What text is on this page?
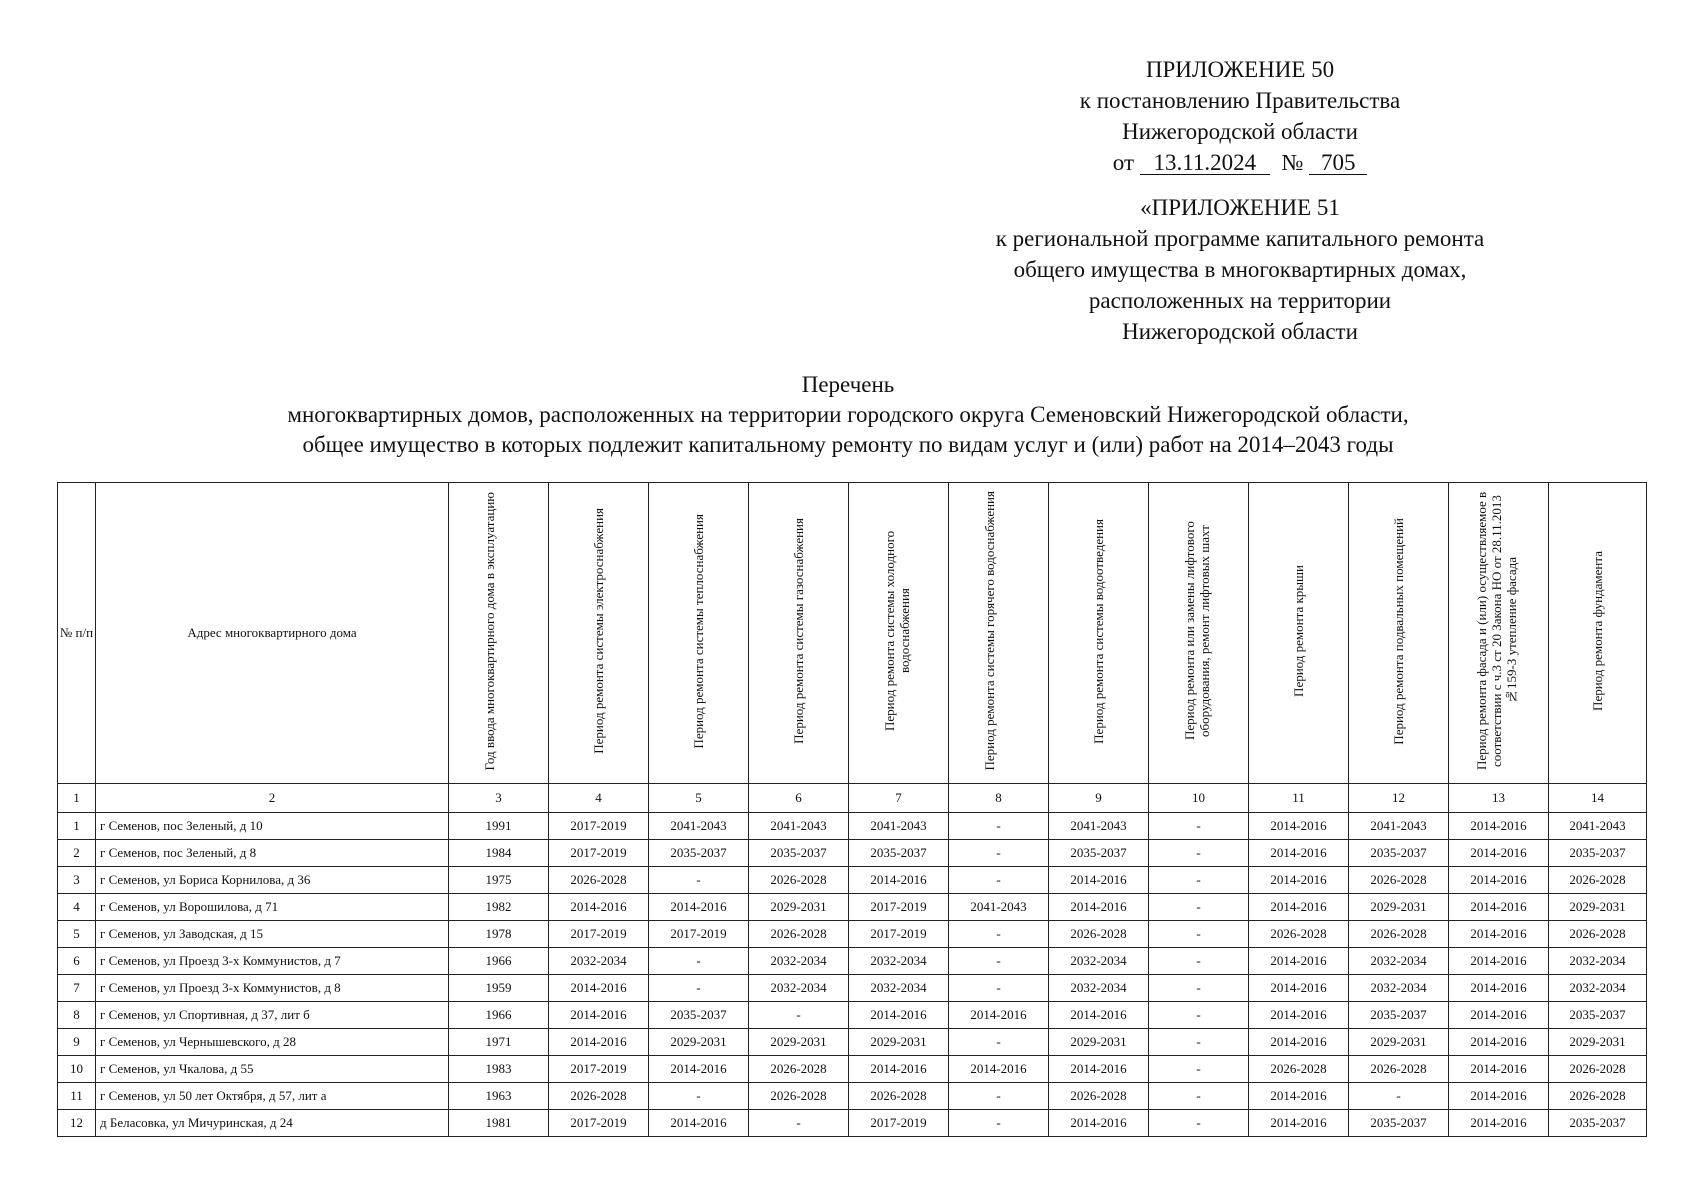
ПРИЛОЖЕНИЕ 50
к постановлению Правительства
Нижегородской области
от 13.11.2024 № 705
«ПРИЛОЖЕНИЕ 51
к региональной программе капитального ремонта
общего имущества в многоквартирных домах,
расположенных на территории
Нижегородской области
Перечень
многоквартирных домов, расположенных на территории городского округа Семеновский Нижегородской области,
общее имущество в которых подлежит капитальному ремонту по видам услуг и (или) работ на 2014–2043 годы
№ п/п	Адрес многоквартирного дома	Год ввода многоквартирного дома в эксплуатацию	Период ремонта системы электроснабжения	Период ремонта системы теплоснабжения	Период ремонта системы газоснабжения	Период ремонта системы холодного водоснабжения	Период ремонта системы горячего водоснабжения	Период ремонта системы водоотведения	Период ремонта или замены лифтового оборудования, ремонт лифтовых шахт	Период ремонта крыши	Период ремонта подвальных помещений	Период ремонта фасада и (или) осуществляемое в соответствии с ч.3 ст 20 Закона НО от 28.11.2013 №159-З утепление фасада	Период ремонта фундамента
1	2	3	4	5	6	7	8	9	10	11	12	13	14
1	г Семенов, пос Зеленый, д 10	1991	2017-2019	2041-2043	2041-2043	2041-2043	-	2041-2043	-	2014-2016	2041-2043	2014-2016	2041-2043
2	г Семенов, пос Зеленый, д 8	1984	2017-2019	2035-2037	2035-2037	2035-2037	-	2035-2037	-	2014-2016	2035-2037	2014-2016	2035-2037
3	г Семенов, ул Бориса Корнилова, д 36	1975	2026-2028	-	2026-2028	2014-2016	-	2014-2016	-	2014-2016	2026-2028	2014-2016	2026-2028
4	г Семенов, ул Ворошилова, д 71	1982	2014-2016	2014-2016	2029-2031	2017-2019	2041-2043	2014-2016	-	2014-2016	2029-2031	2014-2016	2029-2031
5	г Семенов, ул Заводская, д 15	1978	2017-2019	2017-2019	2026-2028	2017-2019	-	2026-2028	-	2026-2028	2026-2028	2014-2016	2026-2028
6	г Семенов, ул Проезд 3-х Коммунистов, д 7	1966	2032-2034	-	2032-2034	2032-2034	-	2032-2034	-	2014-2016	2032-2034	2014-2016	2032-2034
7	г Семенов, ул Проезд 3-х Коммунистов, д 8	1959	2014-2016	-	2032-2034	2032-2034	-	2032-2034	-	2014-2016	2032-2034	2014-2016	2032-2034
8	г Семенов, ул Спортивная, д 37, лит б	1966	2014-2016	2035-2037	-	2014-2016	2014-2016	2014-2016	-	2014-2016	2035-2037	2014-2016	2035-2037
9	г Семенов, ул Чернышевского, д 28	1971	2014-2016	2029-2031	2029-2031	2029-2031	-	2029-2031	-	2014-2016	2029-2031	2014-2016	2029-2031
10	г Семенов, ул Чкалова, д 55	1983	2017-2019	2014-2016	2026-2028	2014-2016	2014-2016	2014-2016	-	2026-2028	2026-2028	2014-2016	2026-2028
11	г Семенов, ул 50 лет Октября, д 57, лит а	1963	2026-2028	-	2026-2028	2026-2028	-	2026-2028	-	2014-2016	-	2014-2016	2026-2028
12	д Беласовка, ул Мичуринская, д 24	1981	2017-2019	2014-2016	-	2017-2019	-	2014-2016	-	2014-2016	2035-2037	2014-2016	2035-2037
